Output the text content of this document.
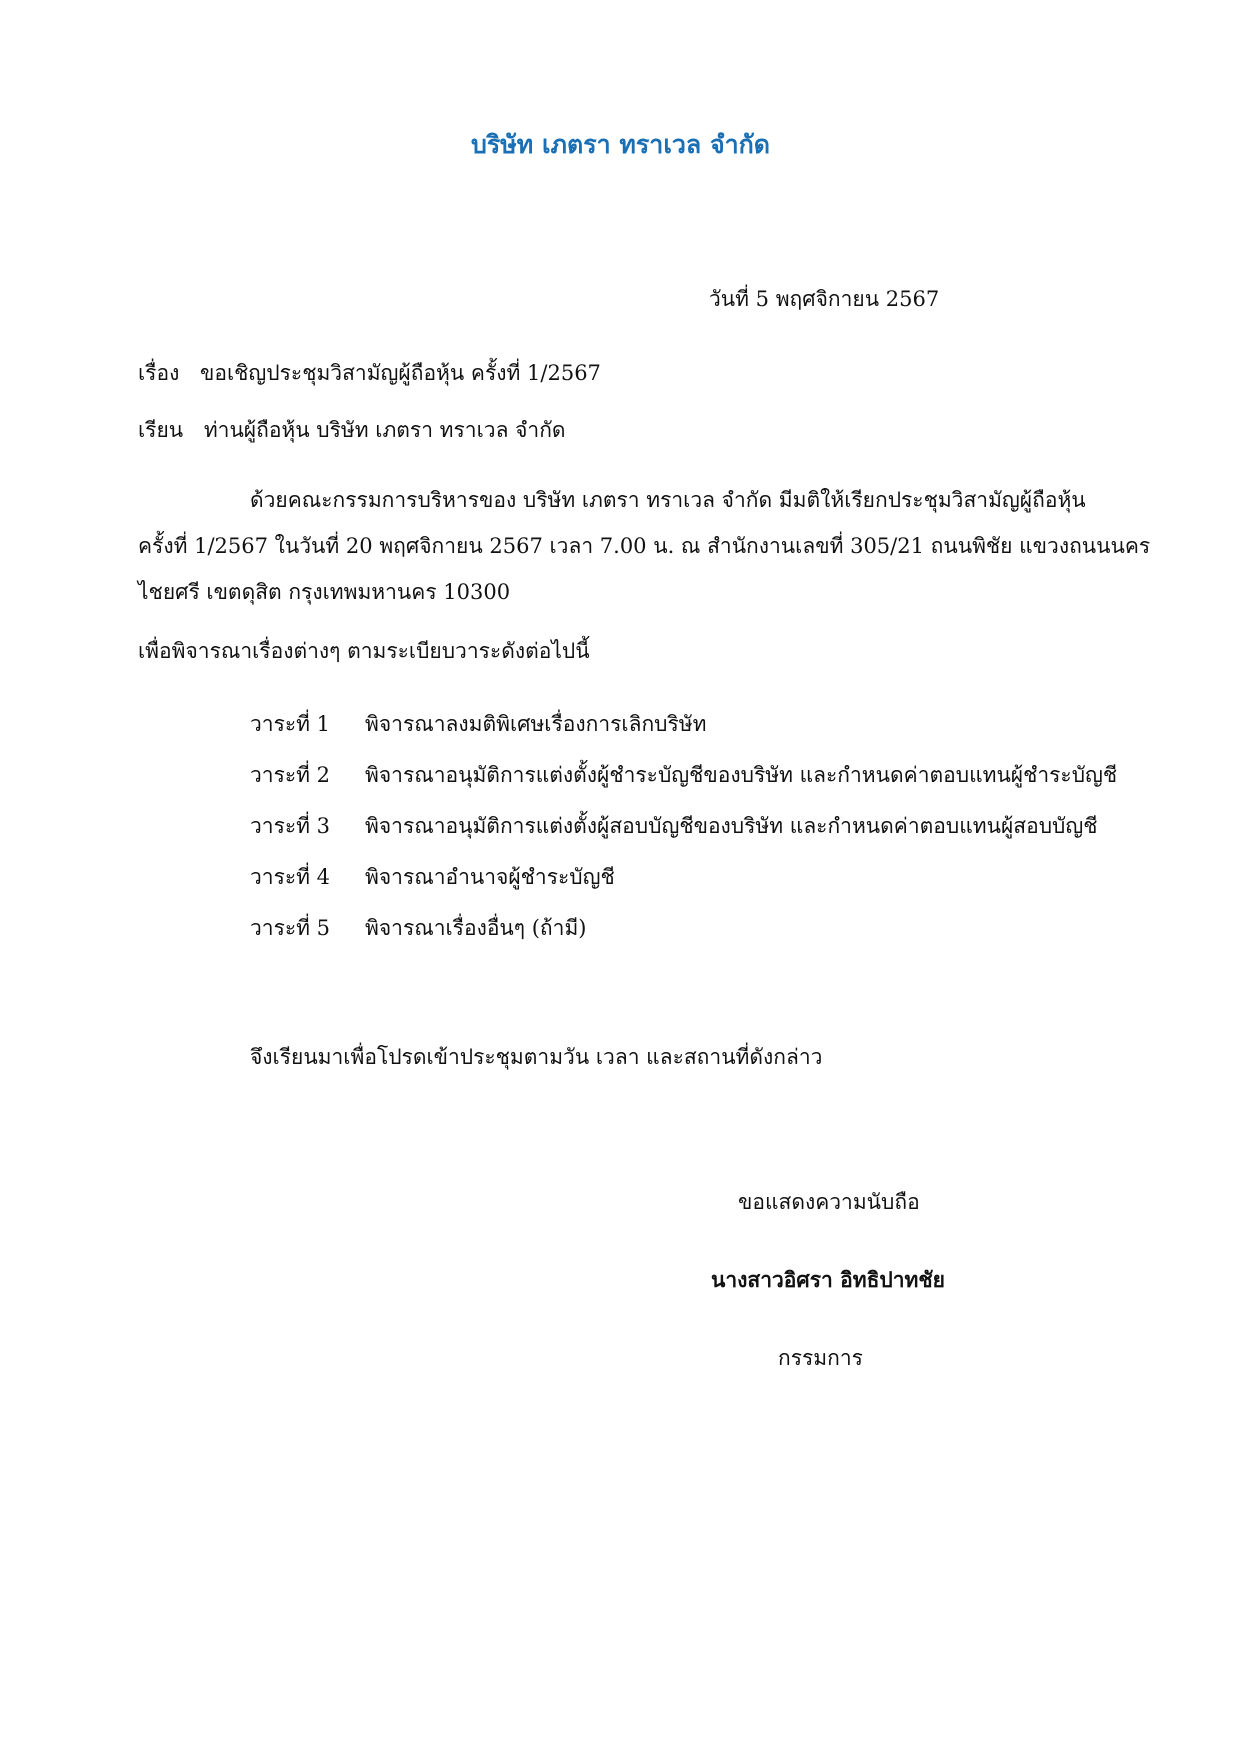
บริษัท เภตรา ทราเวล จำกัด
วันที่ 5 พฤศจิกายน 2567
เรื่อง ขอเชิญประชุมวิสามัญผู้ถือหุ้น ครั้งที่ 1/2567
เรียน ท่านผู้ถือหุ้น บริษัท เภตรา ทราเวล จำกัด
ด้วยคณะกรรมการบริหารของ บริษัท เภตรา ทราเวล จำกัด มีมติให้เรียกประชุมวิสามัญผู้ถือหุ้น
ครั้งที่ 1/2567 ในวันที่ 20 พฤศจิกายน 2567 เวลา 7.00 น. ณ สำนักงานเลขที่ 305/21 ถนนพิชัย แขวงถนนนคร
ไชยศรี เขตดุสิต กรุงเทพมหานคร 10300
เพื่อพิจารณาเรื่องต่างๆ ตามระเบียบวาระดังต่อไปนี้
วาระที่ 1 พิจารณาลงมติพิเศษเรื่องการเลิกบริษัท
วาระที่ 2 พิจารณาอนุมัติการแต่งตั้งผู้ชำระบัญชีของบริษัท และกำหนดค่าตอบแทนผู้ชำระบัญชี
วาระที่ 3 พิจารณาอนุมัติการแต่งตั้งผู้สอบบัญชีของบริษัท และกำหนดค่าตอบแทนผู้สอบบัญชี
วาระที่ 4 พิจารณาอำนาจผู้ชำระบัญชี
วาระที่ 5 พิจารณาเรื่องอื่นๆ (ถ้ามี)
จึงเรียนมาเพื่อโปรดเข้าประชุมตามวัน เวลา และสถานที่ดังกล่าว
ขอแสดงความนับถือ
นางสาวอิศรา อิทธิปาทชัย
กรรมการ
